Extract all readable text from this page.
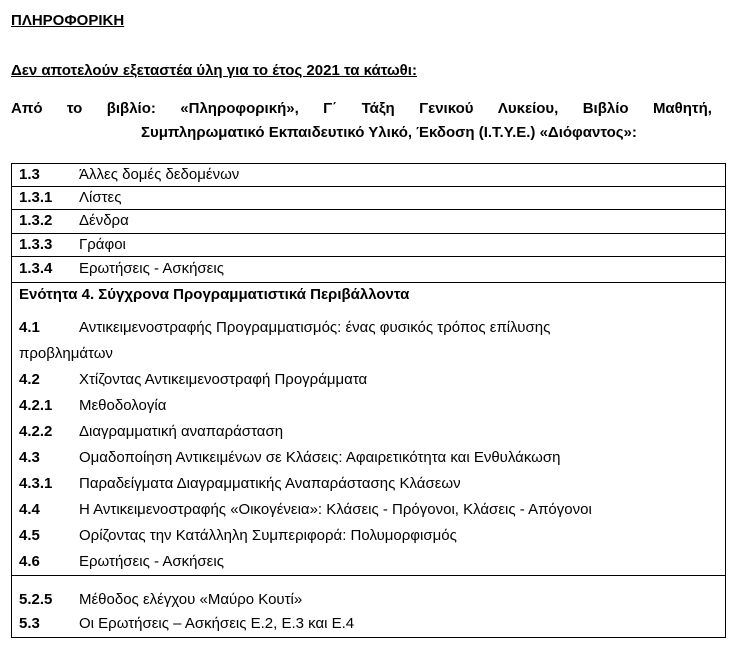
ΠΛΗΡΟΦΟΡΙΚΗ
Δεν αποτελούν εξεταστέα ύλη για το έτος 2021 τα κάτωθι:
Από το βιβλίο: «Πληροφορική», Γ΄ Τάξη Γενικού Λυκείου, Βιβλίο Μαθητή,
Συμπληρωματικό Εκπαιδευτικό Υλικό, Έκδοση (Ι.Τ.Υ.Ε.) «Διόφαντος»:
1.3	Άλλες δομές δεδομένων
1.3.1 Λίστες
1.3.2 Δένδρα
1.3.3 Γράφοι
1.3.4 Ερωτήσεις - Ασκήσεις
Ενότητα 4. Σύγχρονα Προγραμματιστικά Περιβάλλοντα
4.1	Αντικειμενοστραφής Προγραμματισμός: ένας φυσικός τρόπος επίλυσης
προβλημάτων
4.2	Χτίζοντας Αντικειμενοστραφή Προγράμματα
4.2.1 Μεθοδολογία
4.2.2 Διαγραμματική αναπαράσταση
4.3	Ομαδοποίηση Αντικειμένων σε Κλάσεις: Αφαιρετικότητα και Ενθυλάκωση
4.3.1 Παραδείγματα Διαγραμματικής Αναπαράστασης Κλάσεων
4.4	Η Αντικειμενοστραφής «Οικογένεια»: Κλάσεις - Πρόγονοι, Κλάσεις - Απόγονοι
4.5	Ορίζοντας την Κατάλληλη Συμπεριφορά: Πολυμορφισμός
4.6	Ερωτήσεις - Ασκήσεις
5.2.5 Μέθοδος ελέγχου «Μαύρο Κουτί»
5.3	Οι Ερωτήσεις – Ασκήσεις Ε.2, Ε.3 και Ε.4
